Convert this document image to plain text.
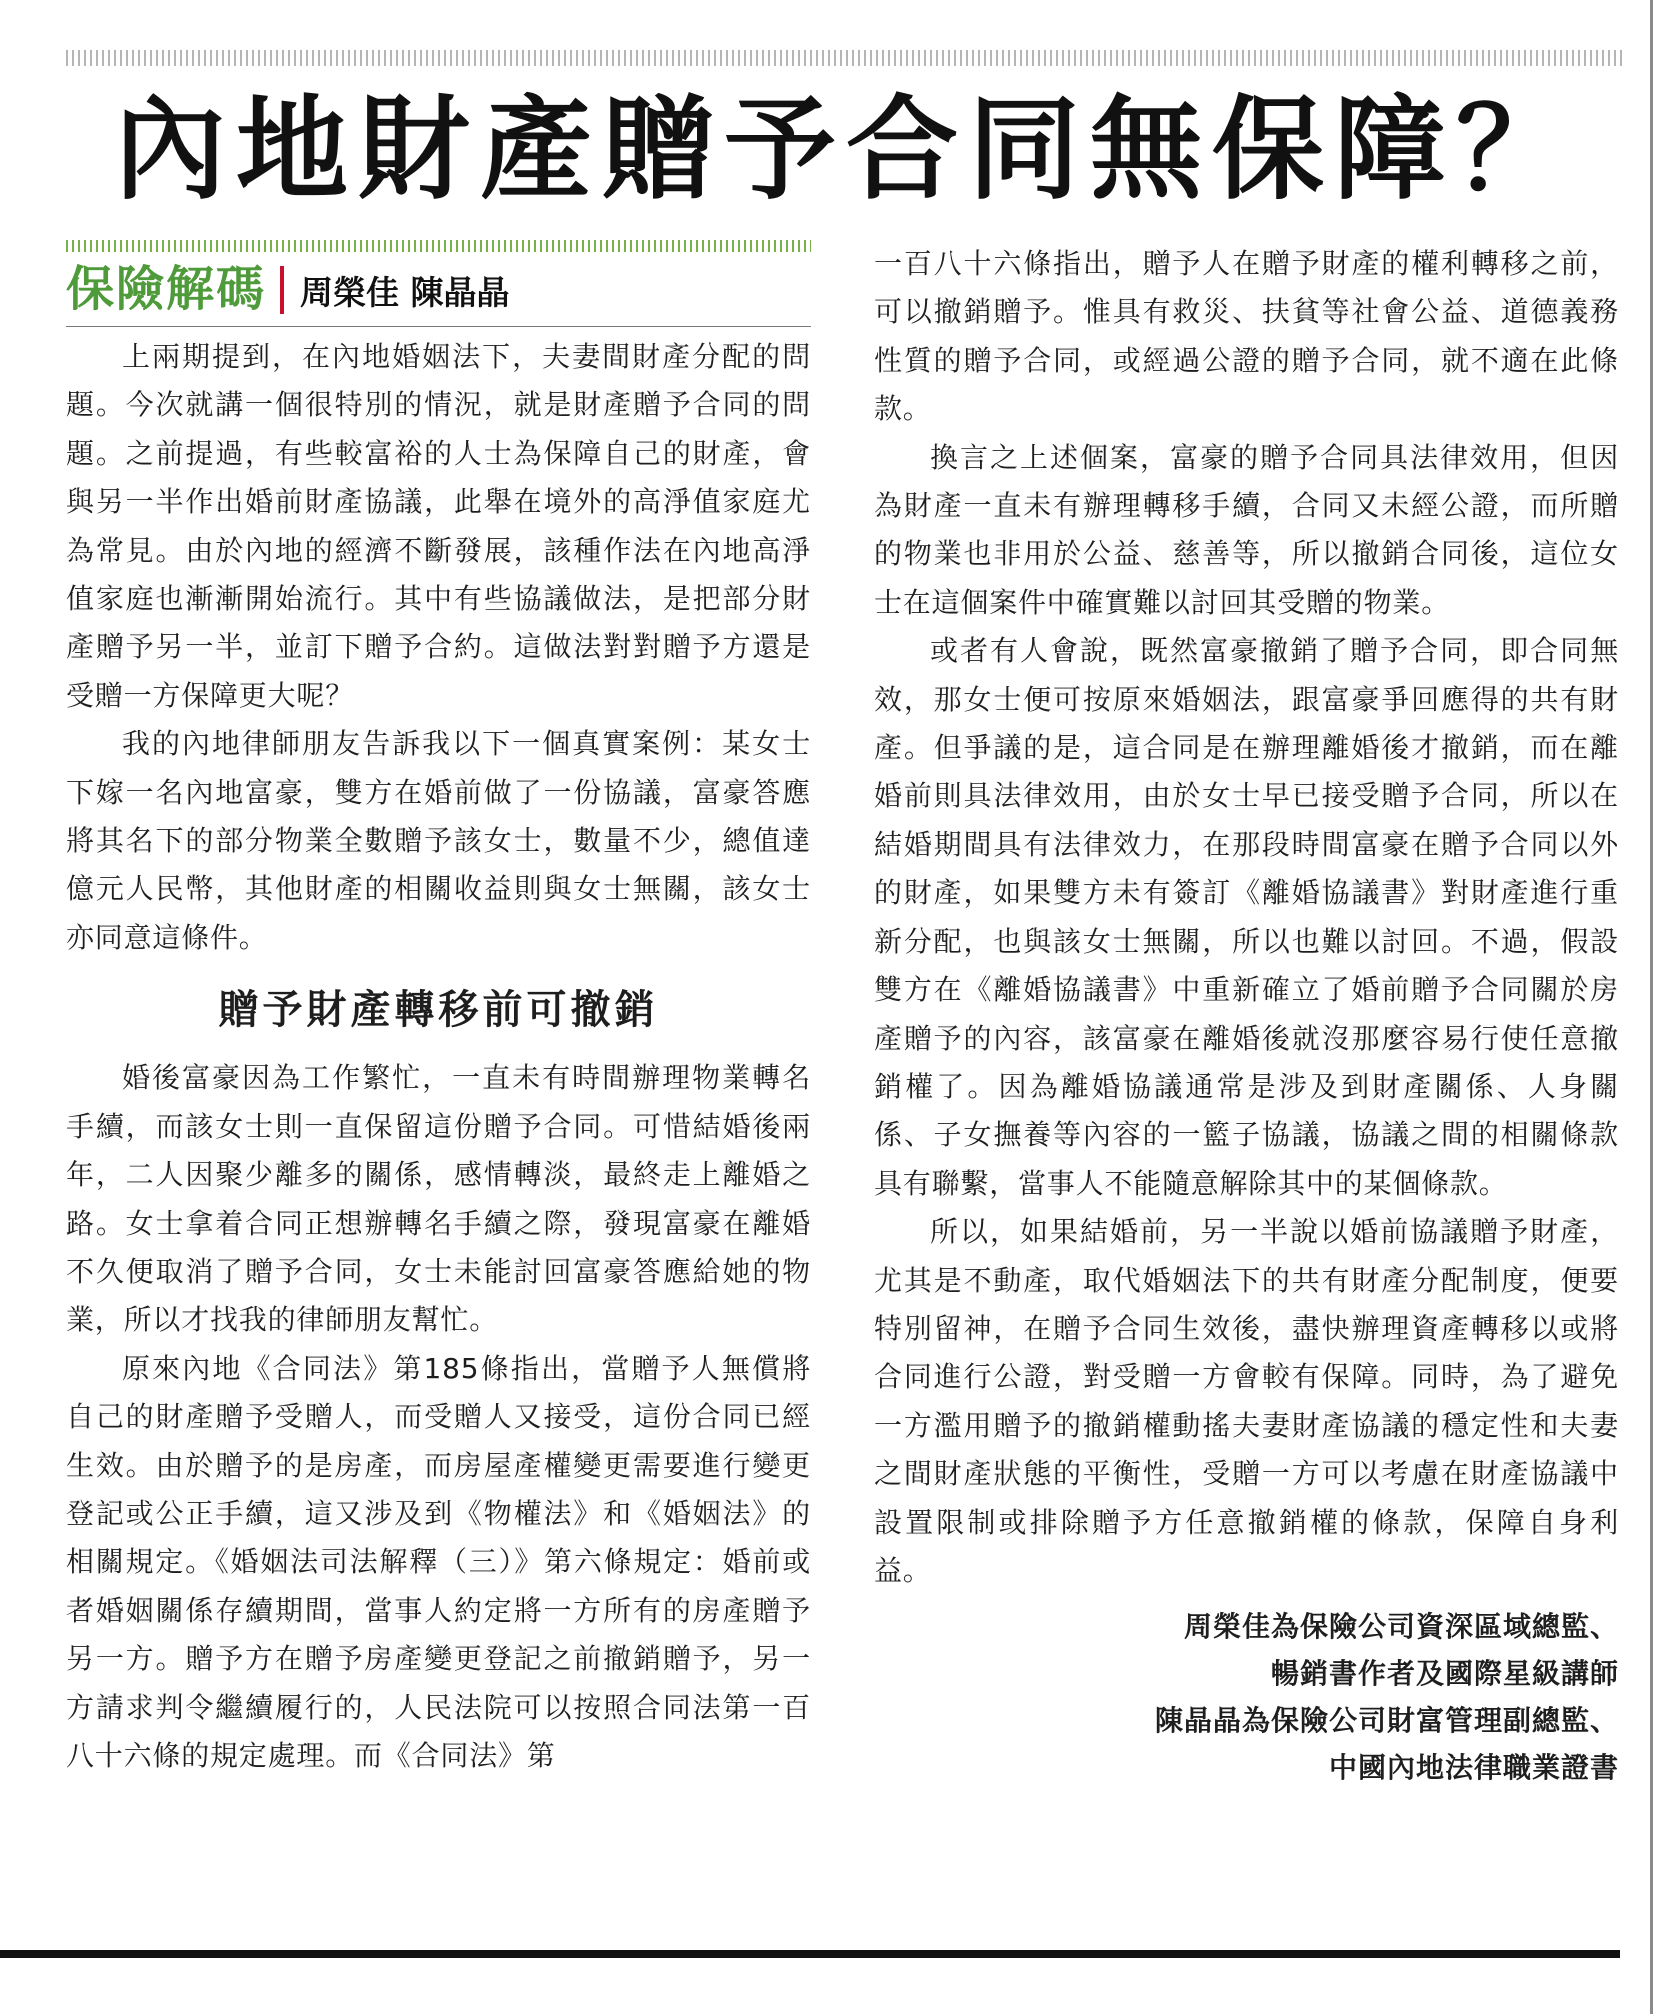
內地財產贈予合同無保障？
保險解碼 周榮佳 陳晶晶

上兩期提到，在內地婚姻法下，夫妻間財產分配的問題。今次就講一個很特別的情況，就是財產贈予合同的問題。之前提過，有些較富裕的人士為保障自己的財產，會與另一半作出婚前財產協議，此舉在境外的高淨值家庭尤為常見。由於內地的經濟不斷發展，該種作法在內地高淨值家庭也漸漸開始流行。其中有些協議做法，是把部分財產贈予另一半，並訂下贈予合約。這做法對對贈予方還是受贈一方保障更大呢？

我的內地律師朋友告訴我以下一個真實案例：某女士下嫁一名內地富豪，雙方在婚前做了一份協議，富豪答應將其名下的部分物業全數贈予該女士，數量不少，總值達億元人民幣，其他財產的相關收益則與女士無關，該女士亦同意這條件。

贈予財產轉移前可撤銷

婚後富豪因為工作繁忙，一直未有時間辦理物業轉名手續，而該女士則一直保留這份贈予合同。可惜結婚後兩年，二人因聚少離多的關係，感情轉淡，最終走上離婚之路。女士拿着合同正想辦轉名手續之際，發現富豪在離婚不久便取消了贈予合同，女士未能討回富豪答應給她的物業，所以才找我的律師朋友幫忙。

原來內地《合同法》第185條指出，當贈予人無償將自己的財產贈予受贈人，而受贈人又接受，這份合同已經生效。由於贈予的是房產，而房屋產權變更需要進行變更登記或公正手續，這又涉及到《物權法》和《婚姻法》的相關規定。《婚姻法司法解釋（三）》第六條規定：婚前或者婚姻關係存續期間，當事人約定將一方所有的房產贈予另一方。贈予方在贈予房產變更登記之前撤銷贈予，另一方請求判令繼續履行的，人民法院可以按照合同法第一百八十六條的規定處理。而《合同法》第

一百八十六條指出，贈予人在贈予財產的權利轉移之前，可以撤銷贈予。惟具有救災、扶貧等社會公益、道德義務性質的贈予合同，或經過公證的贈予合同，就不適在此條款。

換言之上述個案，富豪的贈予合同具法律效用，但因為財產一直未有辦理轉移手續，合同又未經公證，而所贈的物業也非用於公益、慈善等，所以撤銷合同後，這位女士在這個案件中確實難以討回其受贈的物業。

或者有人會說，既然富豪撤銷了贈予合同，即合同無效，那女士便可按原來婚姻法，跟富豪爭回應得的共有財產。但爭議的是，這合同是在辦理離婚後才撤銷，而在離婚前則具法律效用，由於女士早已接受贈予合同，所以在結婚期間具有法律效力，在那段時間富豪在贈予合同以外的財產，如果雙方未有簽訂《離婚協議書》對財產進行重新分配，也與該女士無關，所以也難以討回。不過，假設雙方在《離婚協議書》中重新確立了婚前贈予合同關於房產贈予的內容，該富豪在離婚後就沒那麼容易行使任意撤銷權了。因為離婚協議通常是涉及到財產關係、人身關係、子女撫養等內容的一籃子協議，協議之間的相關條款具有聯繫，當事人不能隨意解除其中的某個條款。

所以，如果結婚前，另一半說以婚前協議贈予財產，尤其是不動產，取代婚姻法下的共有財產分配制度，便要特別留神，在贈予合同生效後，盡快辦理資產轉移以或將合同進行公證，對受贈一方會較有保障。同時，為了避免一方濫用贈予的撤銷權動搖夫妻財產協議的穩定性和夫妻之間財產狀態的平衡性，受贈一方可以考慮在財產協議中設置限制或排除贈予方任意撤銷權的條款，保障自身利益。

周榮佳為保險公司資深區域總監、
暢銷書作者及國際星級講師
陳晶晶為保險公司財富管理副總監、
中國內地法律職業證書
